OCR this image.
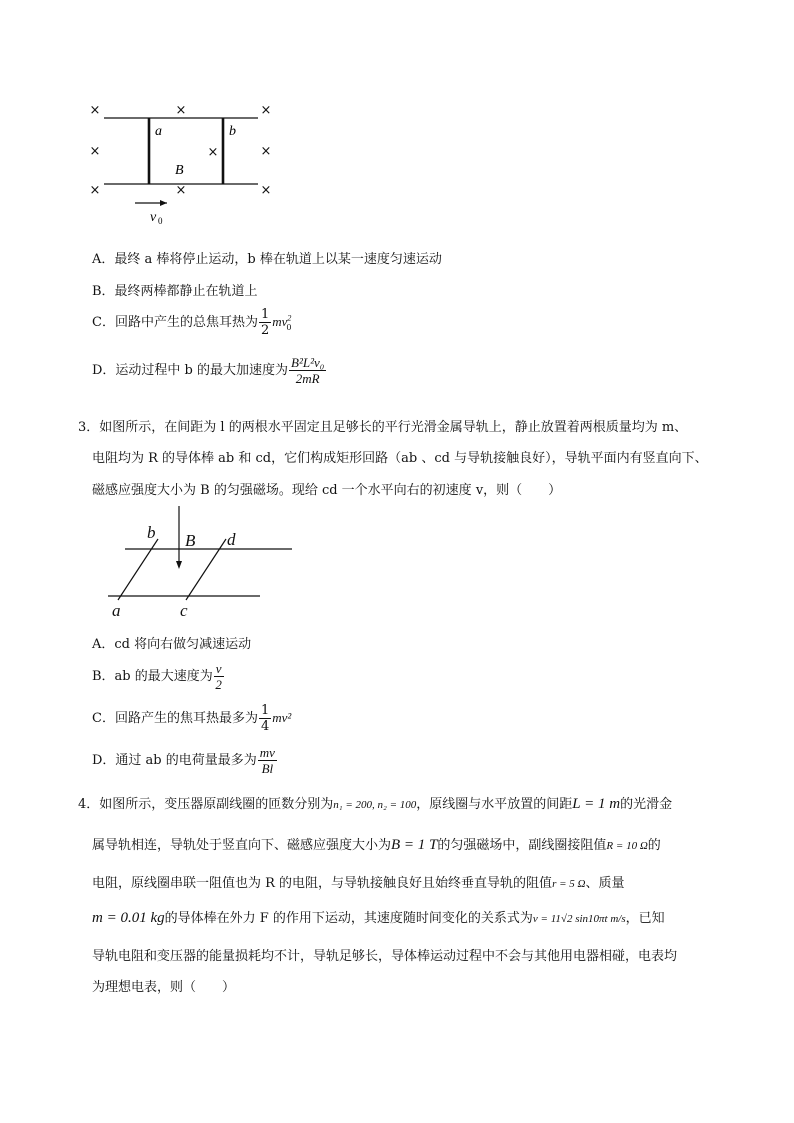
×	×	×
×	×	×
×	×	×
a	b
B
v 0
A．最终 a 棒将停止运动，b 棒在轨道上以某一速度匀速运动
B．最终两棒都静止在轨道上
C．回路中产生的总焦耳热为 $\frac{1}{2} mv^2_0$
D．运动过程中 b 的最大加速度为 $\frac{\text{B²L²v₀}}{2mR}$
3．如图所示，在间距为 l 的两根水平固定且足够长的平行光滑金属导轨上，静止放置着两根质量均为 m、
电阻均为 R 的导体棒 ab 和 cd，它们构成矩形回路（ab 、cd 与导轨接触良好），导轨平面内有竖直向下、
磁感应强度大小为 B 的匀强磁场。现给 cd 一个水平向右的初速度 v，则（　　）
b B d
a	c
A．cd 将向右做匀减速运动
B．ab 的最大速度为 $\frac{v}{2}$
C．回路产生的焦耳热最多为 $\frac{1}{4} mv^2$
D．通过 ab 的电荷量最多为 $\frac{mv}{Bl}$
4．如图所示，变压器原副线圈的匝数分别为n₁ = 200, n₂ = 100，原线圈与水平放置的间距L = 1 m的光滑金
属导轨相连，导轨处于竖直向下、磁感应强度大小为B = 1 T的匀强磁场中，副线圈接阻值R = 10 Ω的
电阻，原线圈串联一阻值也为 R 的电阻，与导轨接触良好且始终垂直导轨的阻值r = 5 Ω、质量
m = 0.01 kg的导体棒在外力 F 的作用下运动，其速度随时间变化的关系式为v = 11√2 sin10πt m/s，已知
导轨电阻和变压器的能量损耗均不计，导轨足够长，导体棒运动过程中不会与其他用电器相碰，电表均
为理想电表，则（　　）
